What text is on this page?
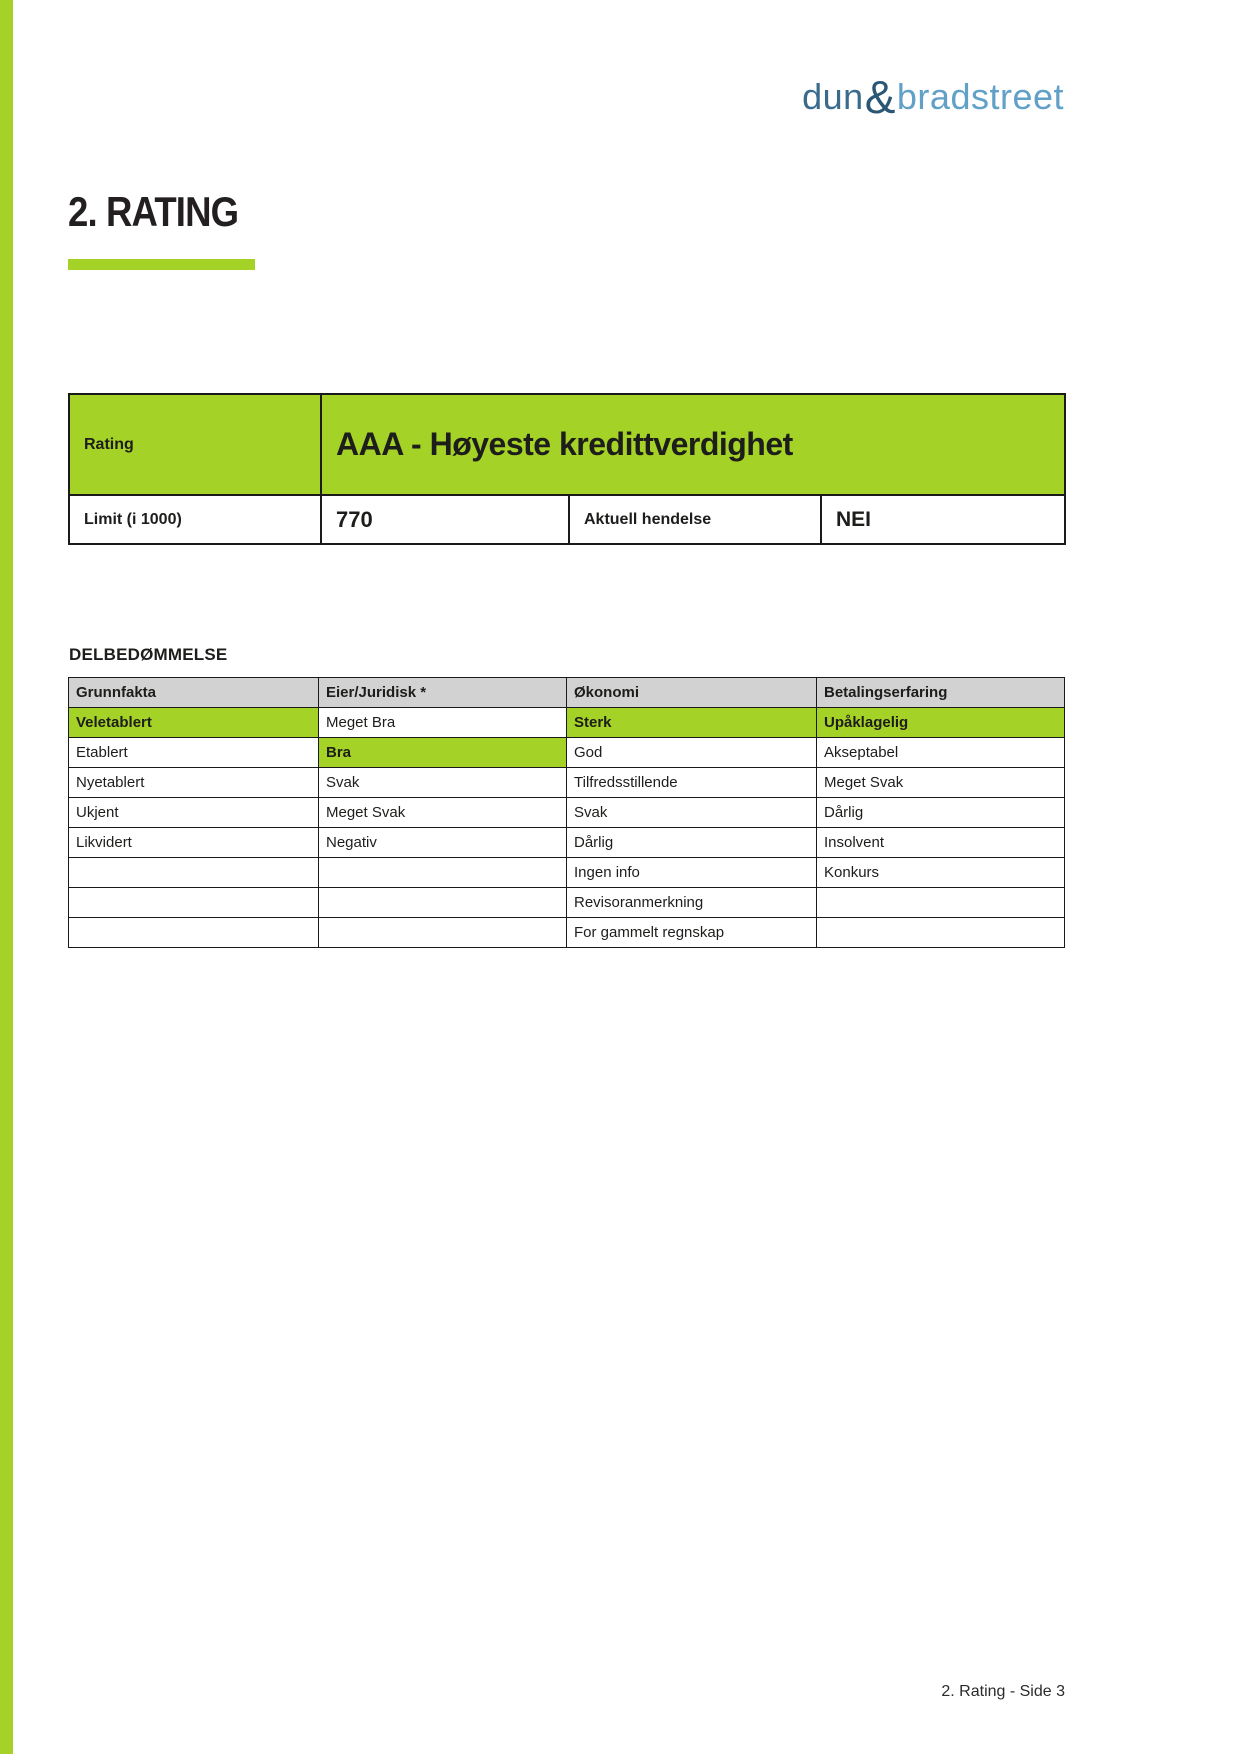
dun&bradstreet
2. RATING
Rating	AAA - Høyeste kredittverdighet		
Limit (i 1000)	770	Aktuell hendelse	NEI
DELBEDØMMELSE
Grunnfakta	Eier/Juridisk *	Økonomi	Betalingserfaring
Veletablert	Meget Bra	Sterk	Upåklagelig
Etablert	Bra	God	Akseptabel
Nyetablert	Svak	Tilfredsstillende	Meget Svak
Ukjent	Meget Svak	Svak	Dårlig
Likvidert	Negativ	Dårlig	Insolvent
		Ingen info	Konkurs
		Revisoranmerkning	
		For gammelt regnskap	
2. Rating - Side 3
